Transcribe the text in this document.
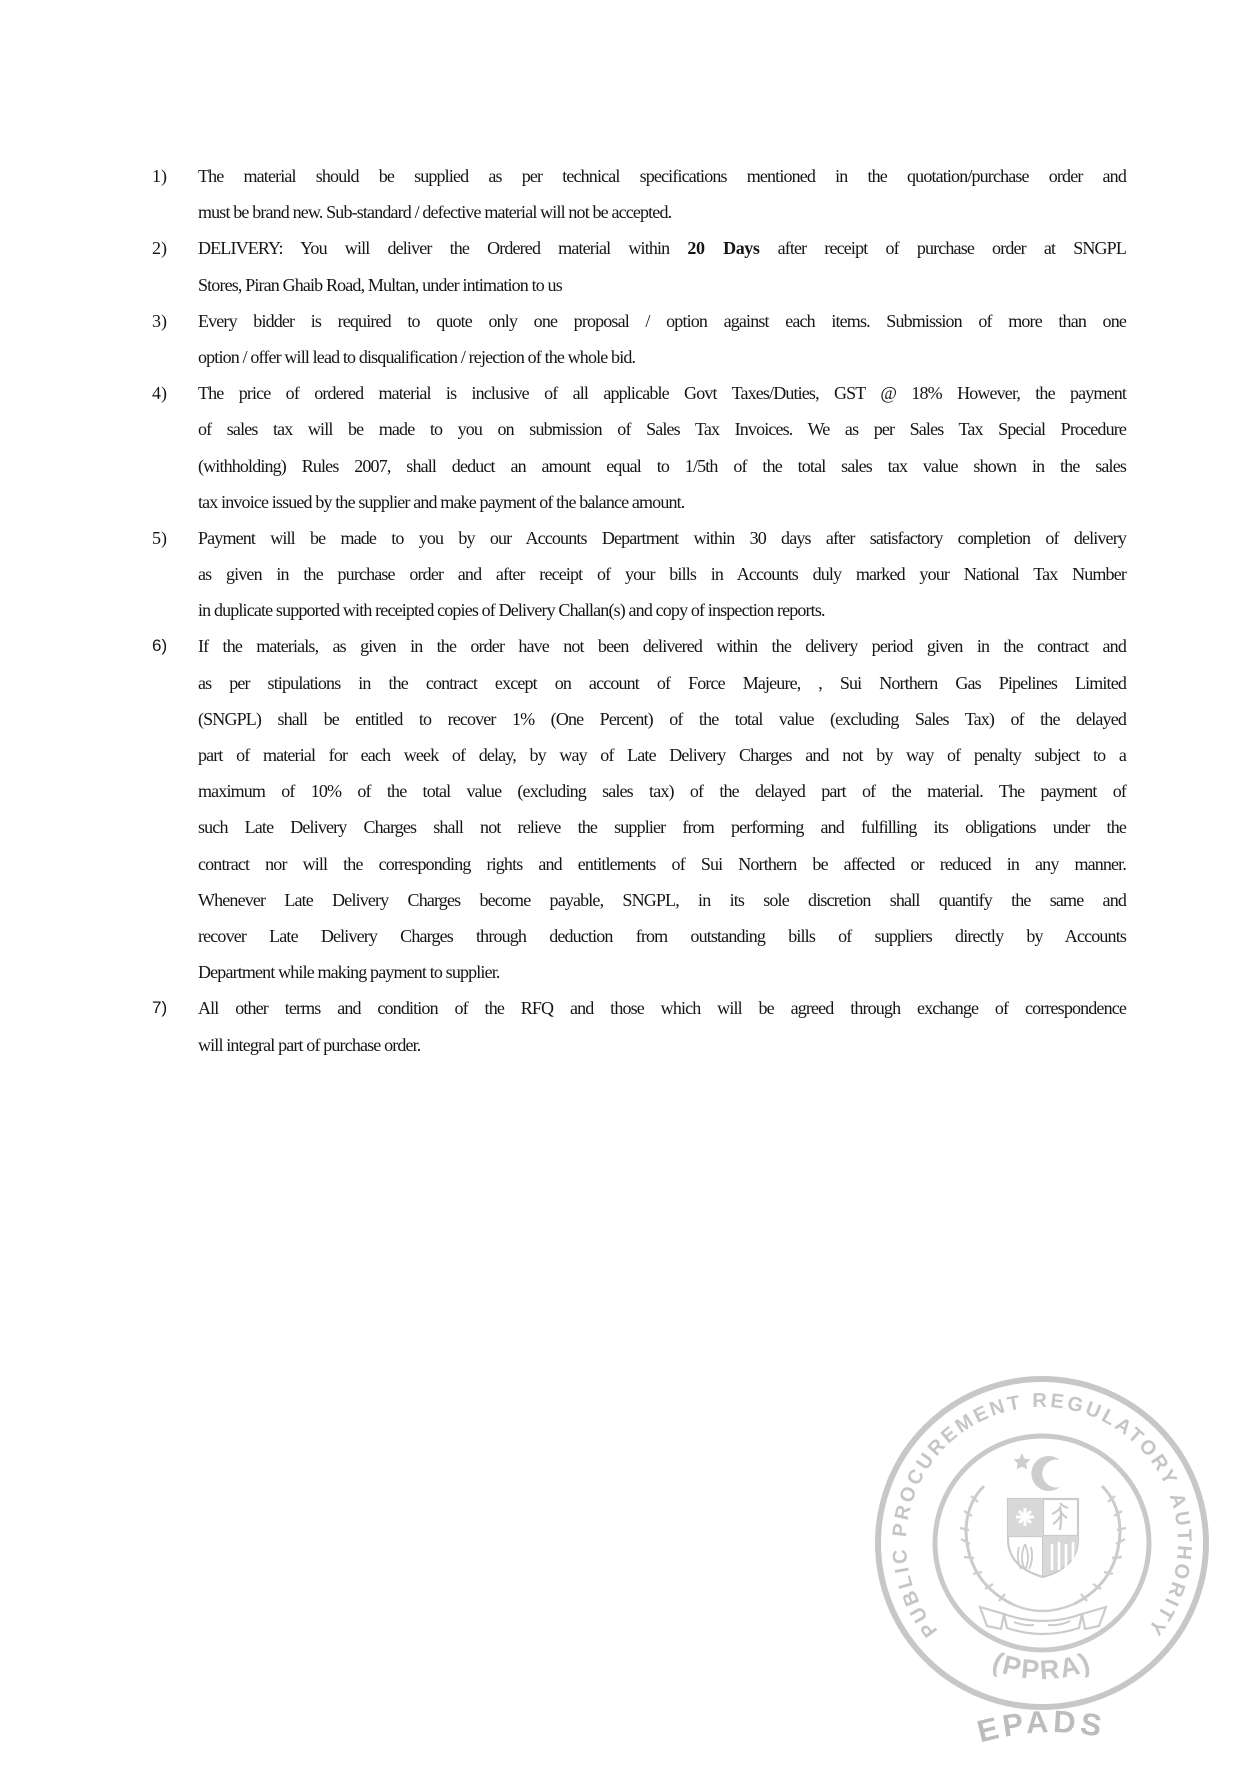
1)	The material should be supplied as per technical specifications mentioned in the quotation/purchase order and
must be brand new. Sub-standard / defective material will not be accepted.
2)	DELIVERY: You will deliver the Ordered material within 20 Days after receipt of purchase order at SNGPL
Stores, Piran Ghaib Road, Multan, under intimation to us
3)	Every bidder is required to quote only one proposal / option against each items. Submission of more than one
option / offer will lead to disqualification / rejection of the whole bid.
4)	The price of ordered material is inclusive of all applicable Govt Taxes/Duties, GST @ 18% However, the payment
of sales tax will be made to you on submission of Sales Tax Invoices. We as per Sales Tax Special Procedure
(withholding) Rules 2007, shall deduct an amount equal to 1/5th of the total sales tax value shown in the sales
tax invoice issued by the supplier and make payment of the balance amount.
5)	Payment will be made to you by our Accounts Department within 30 days after satisfactory completion of delivery
as given in the purchase order and after receipt of your bills in Accounts duly marked your National Tax Number
in duplicate supported with receipted copies of Delivery Challan(s) and copy of inspection reports.
6)	If the materials, as given in the order have not been delivered within the delivery period given in the contract and
as per stipulations in the contract except on account of Force Majeure, , Sui Northern Gas Pipelines Limited
(SNGPL) shall be entitled to recover 1% (One Percent) of the total value (excluding Sales Tax) of the delayed
part of material for each week of delay, by way of Late Delivery Charges and not by way of penalty subject to a
maximum of 10% of the total value (excluding sales tax) of the delayed part of the material. The payment of
such Late Delivery Charges shall not relieve the supplier from performing and fulfilling its obligations under the
contract nor will the corresponding rights and entitlements of Sui Northern be affected or reduced in any manner.
Whenever Late Delivery Charges become payable, SNGPL, in its sole discretion shall quantify the same and
recover Late Delivery Charges through deduction from outstanding bills of suppliers directly by Accounts
Department while making payment to supplier.
7)	All other terms and condition of the RFQ and those which will be agreed through exchange of correspondence
will integral part of purchase order.
PUBLIC PROCUREMENT REGULATORY AUTHORITY
(PPRA)
EPADS
